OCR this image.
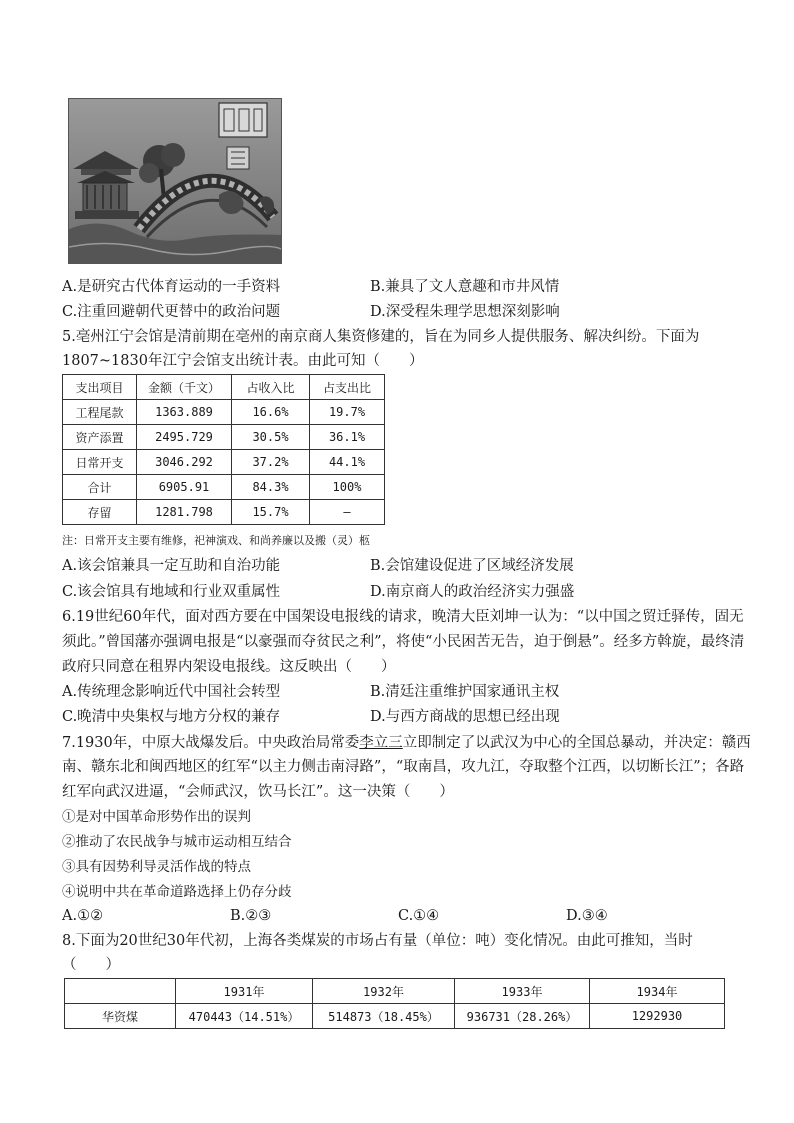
A.是研究古代体育运动的一手资料	B.兼具了文人意趣和市井风情
C.注重回避朝代更替中的政治问题	D.深受程朱理学思想深刻影响
5.亳州江宁会馆是清前期在亳州的南京商人集资修建的，旨在为同乡人提供服务、解决纠纷。下面为
1807~1830年江宁会馆支出统计表。由此可知（　　）
支出项目	金额（千文）	占收入比	占支出比
工程尾款	1363.889	16.6%	19.7%
资产添置	2495.729	30.5%	36.1%
日常开支	3046.292	37.2%	44.1%
合计	6905.91	84.3%	100%
存留	1281.798	15.7%	—
注：日常开支主要有维修，祀神演戏、和尚养廉以及搬（灵）柩
A.该会馆兼具一定互助和自治功能	B.会馆建设促进了区域经济发展
C.该会馆具有地域和行业双重属性	D.南京商人的政治经济实力强盛
6.19世纪60年代，面对西方要在中国架设电报线的请求，晚清大臣刘坤一认为：“以中国之贸迁驿传，固无
须此。”曾国藩亦强调电报是“以豪强而夺贫民之利”，将使“小民困苦无告，迫于倒悬”。经多方斡旋，最终清
政府只同意在租界内架设电报线。这反映出（　　）
A.传统理念影响近代中国社会转型	B.清廷注重维护国家通讯主权
C.晚清中央集权与地方分权的兼存	D.与西方商战的思想已经出现
7.1930年，中原大战爆发后。中央政治局常委李立三立即制定了以武汉为中心的全国总暴动，并决定：赣西
南、赣东北和闽西地区的红军“以主力侧击南浔路”，“取南昌，攻九江，夺取整个江西，以切断长江”；各路
红军向武汉进逼，“会师武汉，饮马长江”。这一决策（　　）
①是对中国革命形势作出的误判
②推动了农民战争与城市运动相互结合
③具有因势利导灵活作战的特点
④说明中共在革命道路选择上仍存分歧
A.①②	B.②③	C.①④	D.③④
8.下面为20世纪30年代初，上海各类煤炭的市场占有量（单位：吨）变化情况。由此可推知，当时
（　　）
	1931年	1932年	1933年	1934年
华资煤	470443（14.51%）	514873（18.45%）	936731（28.26%）	1292930
